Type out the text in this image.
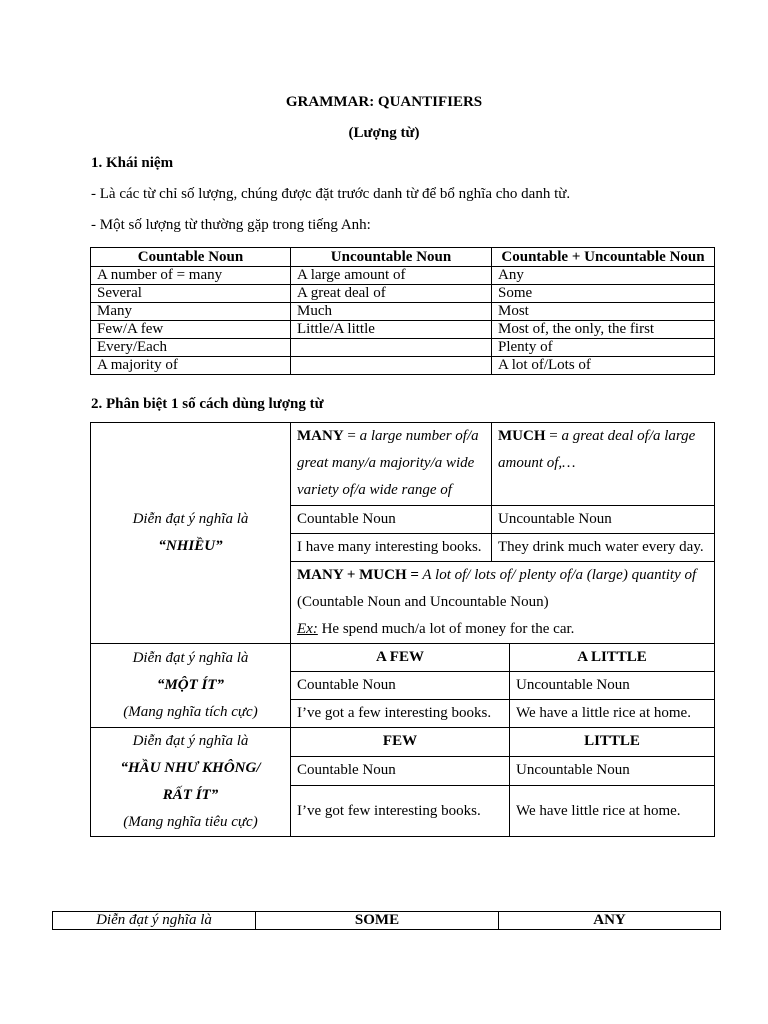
GRAMMAR: QUANTIFIERS
(Lượng từ)
1. Khái niệm
- Là các từ chỉ số lượng, chúng được đặt trước danh từ để bổ nghĩa cho danh từ.
- Một số lượng từ thường gặp trong tiếng Anh:
Countable Noun	Uncountable Noun	Countable + Uncountable Noun
A number of = many	A large amount of	Any
Several	A great deal of	Some
Many	Much	Most
Few/A few	Little/A little	Most of, the only, the first
Every/Each		Plenty of
A majority of		A lot of/Lots of
2. Phân biệt 1 số cách dùng lượng từ
Diễn đạt ý nghĩa là
“NHIỀU”	MANY = a large number of/a great many/a majority/a wide variety of/a wide range of	MUCH = a great deal of/a large amount of,…	
	Countable Noun	Uncountable Noun	
	I have many interesting books.	They drink much water every day.	

	MANY + MUCH = A lot of/ lots of/ plenty of/a (large) quantity of
(Countable Noun and Uncountable Noun)
Ex: He spend much/a lot of money for the car.		

Diễn đạt ý nghĩa là
“MỘT ÍT”
(Mang nghĩa tích cực)	A FEW		A LITTLE
	Countable Noun		Uncountable Noun
	I’ve got a few interesting books.		We have a little rice at home.

Diễn đạt ý nghĩa là
“HẦU NHƯ KHÔNG/
RẤT ÍT”
(Mang nghĩa tiêu cực)	FEW		LITTLE
	Countable Noun		Uncountable Noun
	I’ve got few interesting books.		We have little rice at home.
Diễn đạt ý nghĩa là	SOME	ANY
